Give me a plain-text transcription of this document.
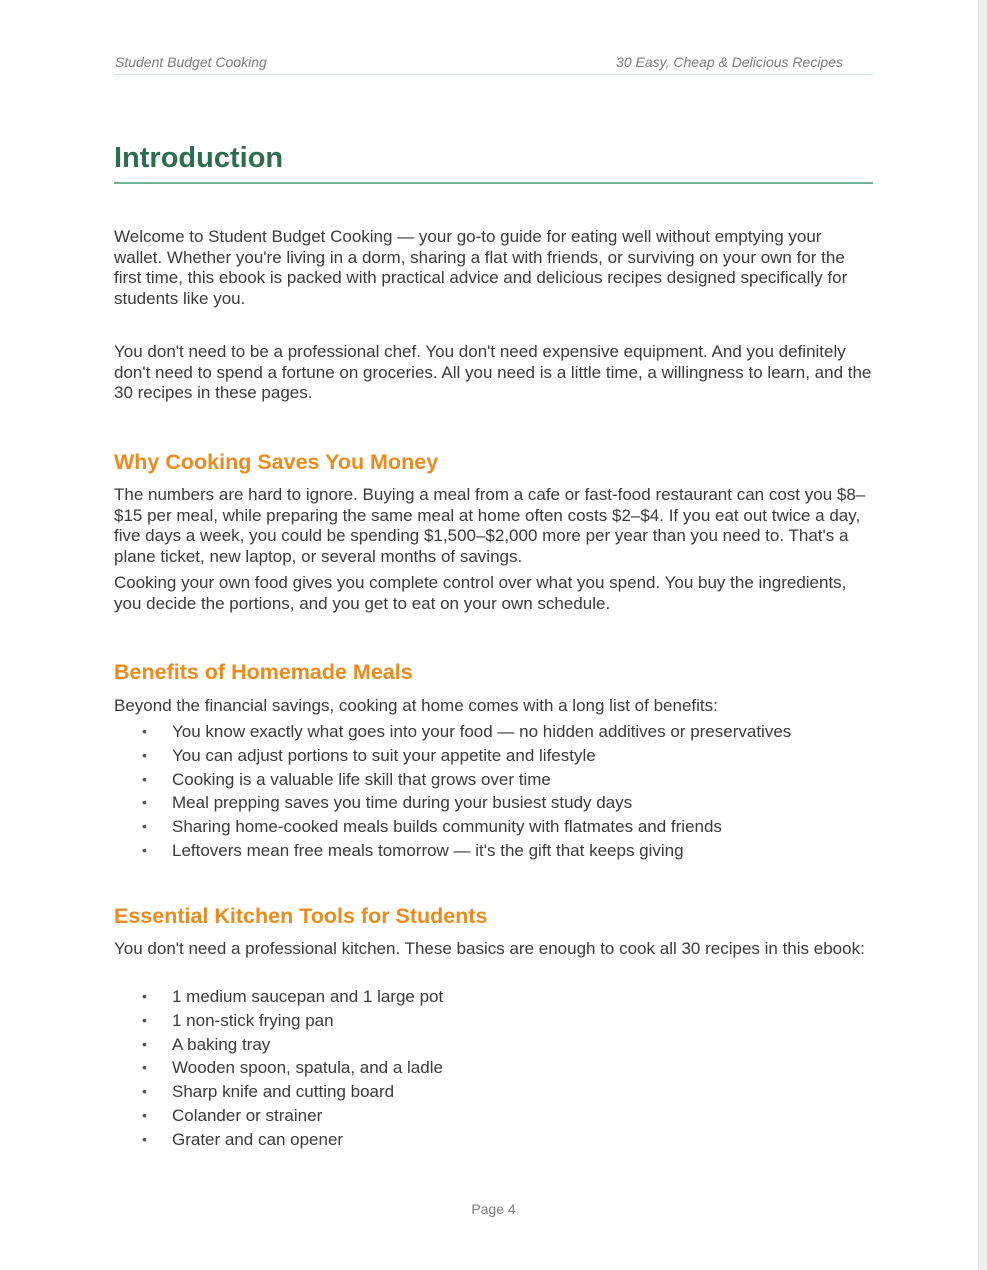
Student Budget Cooking	30 Easy, Cheap & Delicious Recipes
Introduction

Welcome to Student Budget Cooking — your go-to guide for eating well without emptying your wallet. Whether you're living in a dorm, sharing a flat with friends, or surviving on your own for the first time, this ebook is packed with practical advice and delicious recipes designed specifically for students like you.

You don't need to be a professional chef. You don't need expensive equipment. And you definitely don't need to spend a fortune on groceries. All you need is a little time, a willingness to learn, and the 30 recipes in these pages.

Why Cooking Saves You Money

The numbers are hard to ignore. Buying a meal from a cafe or fast-food restaurant can cost you $8–$15 per meal, while preparing the same meal at home often costs $2–$4. If you eat out twice a day, five days a week, you could be spending $1,500–$2,000 more per year than you need to. That's a plane ticket, new laptop, or several months of savings.

Cooking your own food gives you complete control over what you spend. You buy the ingredients, you decide the portions, and you get to eat on your own schedule.

Benefits of Homemade Meals

Beyond the financial savings, cooking at home comes with a long list of benefits:

• You know exactly what goes into your food — no hidden additives or preservatives
• You can adjust portions to suit your appetite and lifestyle
• Cooking is a valuable life skill that grows over time
• Meal prepping saves you time during your busiest study days
• Sharing home-cooked meals builds community with flatmates and friends
• Leftovers mean free meals tomorrow — it's the gift that keeps giving
Essential Kitchen Tools for Students

You don't need a professional kitchen. These basics are enough to cook all 30 recipes in this ebook:

• 1 medium saucepan and 1 large pot
• 1 non-stick frying pan
• A baking tray
• Wooden spoon, spatula, and a ladle
• Sharp knife and cutting board
• Colander or strainer
• Grater and can opener
Page 4
